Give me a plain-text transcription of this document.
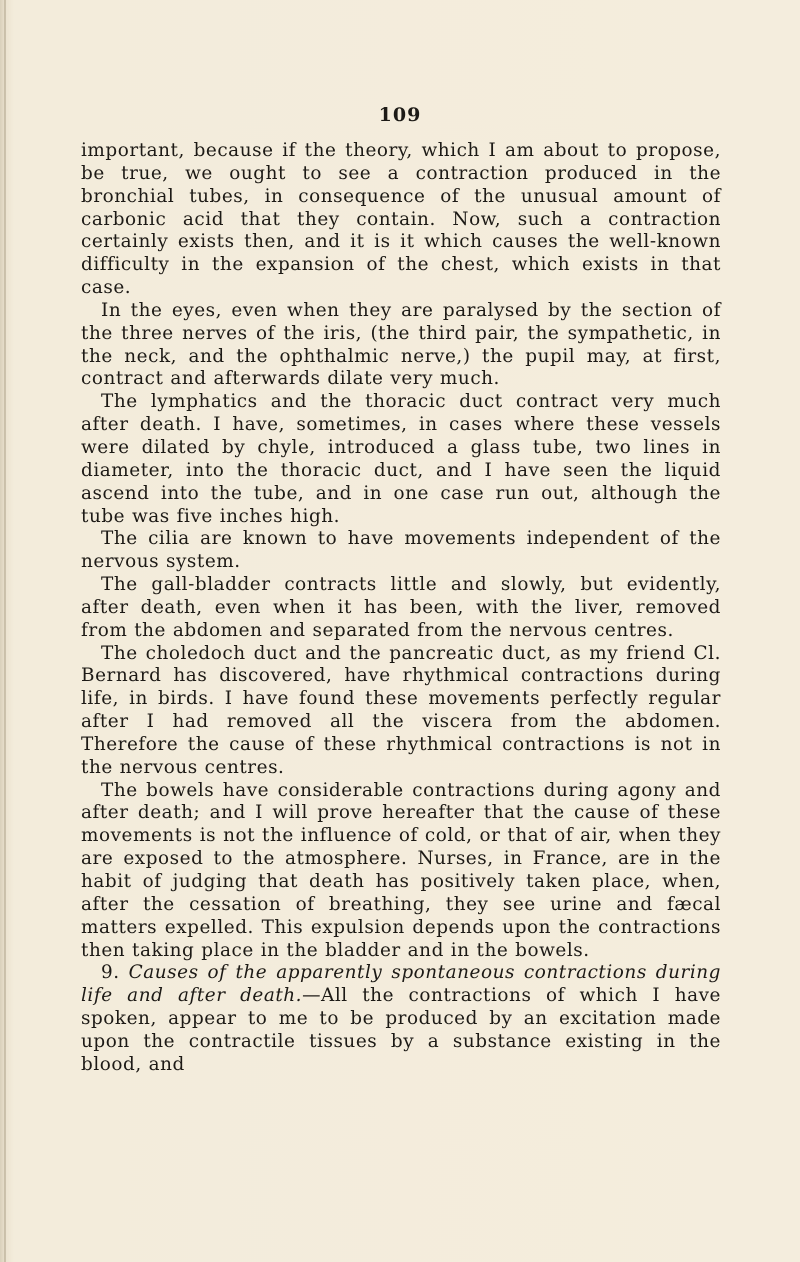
109

important, because if the theory, which I am about to propose, be true, we ought to see a contraction produced in the bronchial tubes, in consequence of the unusual amount of carbonic acid that they contain. Now, such a contraction certainly exists then, and it is it which causes the well-known difficulty in the expansion of the chest, which exists in that case.

In the eyes, even when they are paralysed by the section of the three nerves of the iris, (the third pair, the sympathetic, in the neck, and the ophthalmic nerve,) the pupil may, at first, contract and afterwards dilate very much.

The lymphatics and the thoracic duct contract very much after death. I have, sometimes, in cases where these vessels were dilated by chyle, introduced a glass tube, two lines in diameter, into the thoracic duct, and I have seen the liquid ascend into the tube, and in one case run out, although the tube was five inches high.

The cilia are known to have movements independent of the nervous system.

The gall-bladder contracts little and slowly, but evidently, after death, even when it has been, with the liver, removed from the abdomen and separated from the nervous centres.

The choledoch duct and the pancreatic duct, as my friend Cl. Bernard has discovered, have rhythmical contractions during life, in birds. I have found these movements perfectly regular after I had removed all the viscera from the abdomen. Therefore the cause of these rhythmical contractions is not in the nervous centres.

The bowels have considerable contractions during agony and after death; and I will prove hereafter that the cause of these movements is not the influence of cold, or that of air, when they are exposed to the atmosphere. Nurses, in France, are in the habit of judging that death has positively taken place, when, after the cessation of breathing, they see urine and fæcal matters expelled. This expulsion depends upon the contractions then taking place in the bladder and in the bowels.

9. Causes of the apparently spontaneous contractions during life and after death.—All the contractions of which I have spoken, appear to me to be produced by an excitation made upon the contractile tissues by a substance existing in the blood, and
